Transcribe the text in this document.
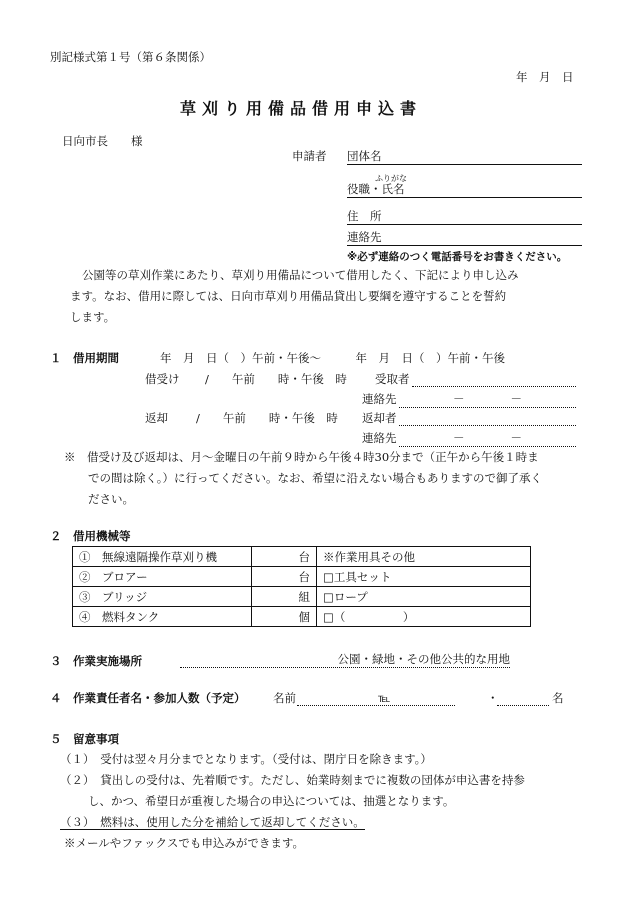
別記様式第１号（第６条関係）
年　月　日
草刈り用備品借用申込書
日向市長　　様
申請者 団体名
ふりがな
役職・氏名
住　所
連絡先
※必ず連絡のつく電話番号をお書きください。
公園等の草刈作業にあたり、草刈り用備品について借用したく、下記により申し込み
ます。なお、借用に際しては、日向市草刈り用備品貸出し要綱を遵守することを誓約
します。
１　借用期間	年　月　日（　）午前・午後～　　　年　月　日（　）午前・午後
借受け /　　午前　　時・午後　時 受取者
連絡先	－　　　　－
返却 /　　午前　　時・午後　時 返却者
連絡先	－　　　　－
※　借受け及び返却は、月～金曜日の午前９時から午後４時30分まで（正午から午後１時ま
での間は除く。）に行ってください。なお、希望に沿えない場合もありますので御了承く
ださい。
２　借用機械等
①　無線遠隔操作草刈り機	台	※作業用具その他
②　ブロアー	台	□工具セット
③　ブリッジ	組	□ロープ
④　燃料タンク	個	□（　　　　　）
３　作業実施場所	公園・緑地・その他公共的な用地
４　作業責任者名・参加人数（予定） 名前	℡	・	名
５　留意事項
（１）　受付は翌々月分までとなります。（受付は、閉庁日を除きます。）
（２）　貸出しの受付は、先着順です。ただし、始業時刻までに複数の団体が申込書を持参
し、かつ、希望日が重複した場合の申込については、抽選となります。
（３）　燃料は、使用した分を補給して返却してください。
※メールやファックスでも申込みができます。
